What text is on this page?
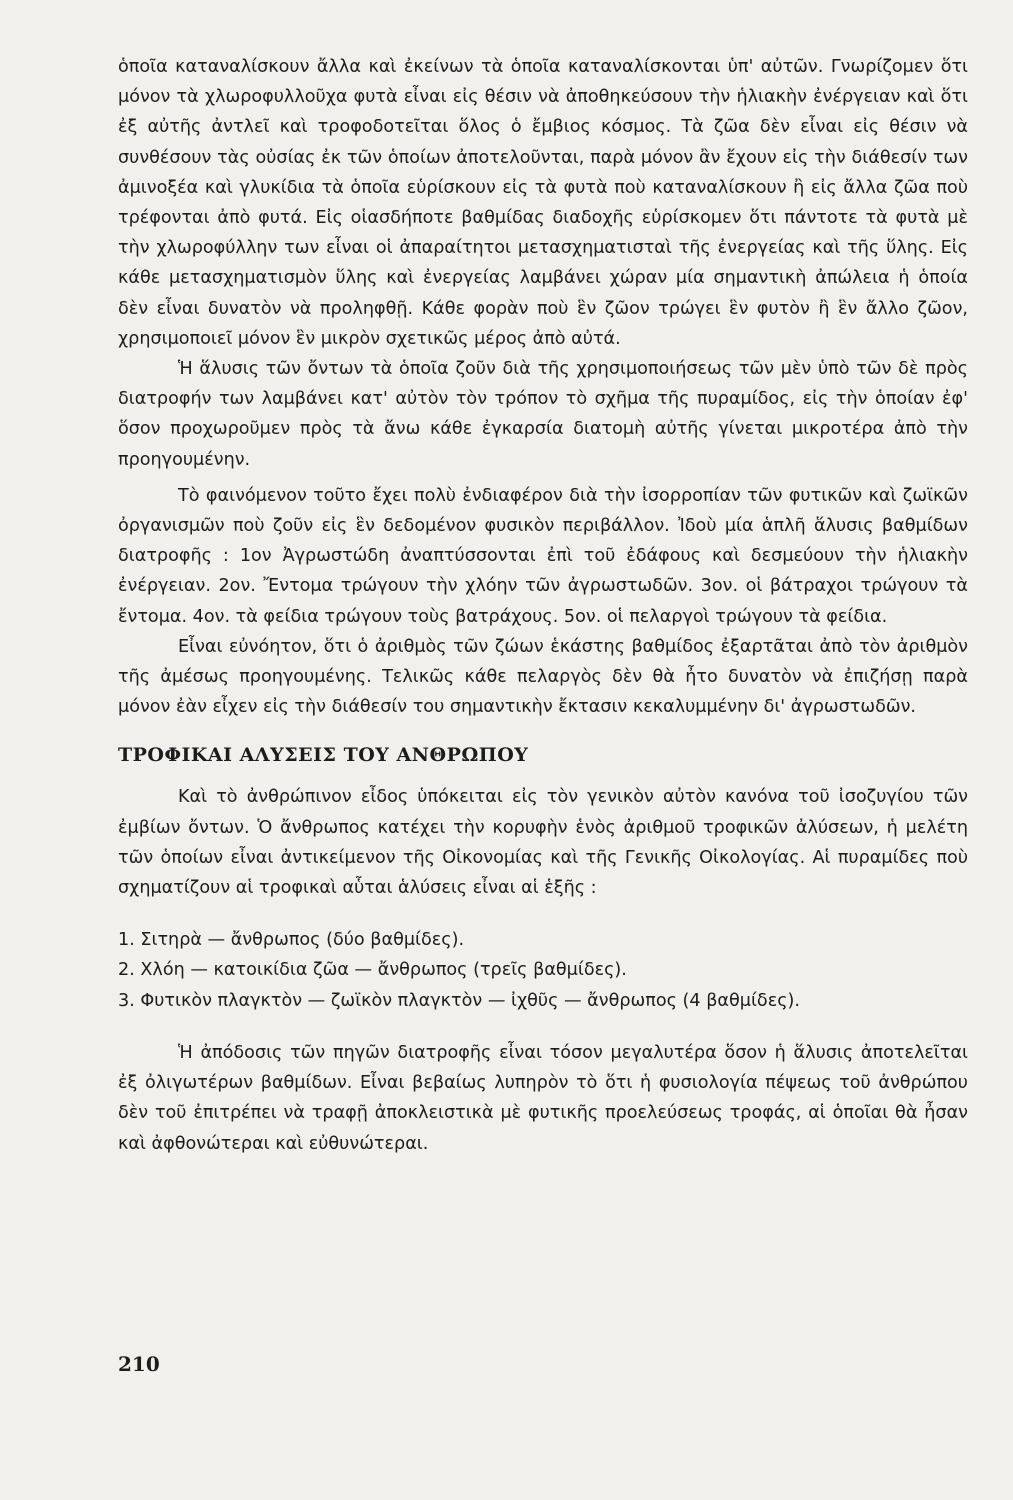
ὁποῖα καταναλίσκουν ἄλλα καὶ ἐκείνων τὰ ὁποῖα καταναλίσκονται ὑπ' αὐτῶν. Γνωρίζομεν ὅτι μόνον τὰ χλωροφυλλοῦχα φυτὰ εἶναι εἰς θέσιν νὰ ἀποθηκεύσουν τὴν ἡλιακὴν ἐνέργειαν καὶ ὅτι ἐξ αὐτῆς ἀντλεῖ καὶ τροφοδοτεῖται ὅλος ὁ ἔμβιος κόσμος. Τὰ ζῶα δὲν εἶναι εἰς θέσιν νὰ συνθέσουν τὰς οὐσίας ἐκ τῶν ὁποίων ἀποτελοῦνται, παρὰ μόνον ἂν ἔχουν εἰς τὴν διάθεσίν των ἀμινοξέα καὶ γλυκίδια τὰ ὁποῖα εὑρίσκουν εἰς τὰ φυτὰ ποὺ καταναλίσκουν ἢ εἰς ἄλλα ζῶα ποὺ τρέφονται ἀπὸ φυτά. Εἰς οἱασδήποτε βαθμίδας διαδοχῆς εὑρίσκομεν ὅτι πάντοτε τὰ φυτὰ μὲ τὴν χλωροφύλλην των εἶναι οἱ ἀπαραίτητοι μετασχηματισταὶ τῆς ἐνεργείας καὶ τῆς ὕλης. Εἰς κάθε μετασχηματισμὸν ὕλης καὶ ἐνεργείας λαμβάνει χώραν μία σημαντικὴ ἀπώλεια ἡ ὁποία δὲν εἶναι δυνατὸν νὰ προληφθῇ. Κάθε φορὰν ποὺ ἓν ζῶον τρώγει ἓν φυτὸν ἢ ἓν ἄλλο ζῶον, χρησιμοποιεῖ μόνον ἓν μικρὸν σχετικῶς μέρος ἀπὸ αὐτά.

Ἡ ἅλυσις τῶν ὄντων τὰ ὁποῖα ζοῦν διὰ τῆς χρησιμοποιήσεως τῶν μὲν ὑπὸ τῶν δὲ πρὸς διατροφήν των λαμβάνει κατ' αὐτὸν τὸν τρόπον τὸ σχῆμα τῆς πυραμίδος, εἰς τὴν ὁποίαν ἐφ' ὅσον προχωροῦμεν πρὸς τὰ ἄνω κάθε ἐγκαρσία διατομὴ αὐτῆς γίνεται μικροτέρα ἀπὸ τὴν προηγουμένην.

Τὸ φαινόμενον τοῦτο ἔχει πολὺ ἐνδιαφέρον διὰ τὴν ἰσορροπίαν τῶν φυτικῶν καὶ ζωϊκῶν ὀργανισμῶν ποὺ ζοῦν εἰς ἓν δεδομένον φυσικὸν περιβάλλον. Ἰδοὺ μία ἁπλῆ ἅλυσις βαθμίδων διατροφῆς : 1ον Ἀγρωστώδη ἀναπτύσσονται ἐπὶ τοῦ ἐδάφους καὶ δεσμεύουν τὴν ἡλιακὴν ἐνέργειαν. 2ον. Ἔντομα τρώγουν τὴν χλόην τῶν ἀγρωστωδῶν. 3ον. οἱ βάτραχοι τρώγουν τὰ ἔντομα. 4ον. τὰ φείδια τρώγουν τοὺς βατράχους. 5ον. οἱ πελαργοὶ τρώγουν τὰ φείδια.

Εἶναι εὐνόητον, ὅτι ὁ ἀριθμὸς τῶν ζώων ἑκάστης βαθμίδος ἐξαρτᾶται ἀπὸ τὸν ἀριθμὸν τῆς ἀμέσως προηγουμένης. Τελικῶς κάθε πελαργὸς δὲν θὰ ἦτο δυνατὸν νὰ ἐπιζήσῃ παρὰ μόνον ἐὰν εἶχεν εἰς τὴν διάθεσίν του σημαντικὴν ἔκτασιν κεκαλυμμένην δι' ἀγρωστωδῶν.

ΤΡΟΦΙΚΑΙ ΑΛΥΣΕΙΣ ΤΟΥ ΑΝΘΡΩΠΟΥ

Καὶ τὸ ἀνθρώπινον εἶδος ὑπόκειται εἰς τὸν γενικὸν αὐτὸν κανόνα τοῦ ἰσοζυγίου τῶν ἐμβίων ὄντων. Ὁ ἄνθρωπος κατέχει τὴν κορυφὴν ἑνὸς ἀριθμοῦ τροφικῶν ἀλύσεων, ἡ μελέτη τῶν ὁποίων εἶναι ἀντικείμενον τῆς Οἰκονομίας καὶ τῆς Γενικῆς Οἰκολογίας. Αἱ πυραμίδες ποὺ σχηματίζουν αἱ τροφικαὶ αὗται ἁλύσεις εἶναι αἱ ἑξῆς :

1. Σιτηρὰ — ἄνθρωπος (δύο βαθμίδες).
2. Χλόη — κατοικίδια ζῶα — ἄνθρωπος (τρεῖς βαθμίδες).
3. Φυτικὸν πλαγκτὸν — ζωϊκὸν πλαγκτὸν — ἰχθῦς — ἄνθρωπος (4 βαθμίδες).

Ἡ ἀπόδοσις τῶν πηγῶν διατροφῆς εἶναι τόσον μεγαλυτέρα ὅσον ἡ ἅλυσις ἀποτελεῖται ἐξ ὀλιγωτέρων βαθμίδων. Εἶναι βεβαίως λυπηρὸν τὸ ὅτι ἡ φυσιολογία πέψεως τοῦ ἀνθρώπου δὲν τοῦ ἐπιτρέπει νὰ τραφῇ ἀποκλειστικὰ μὲ φυτικῆς προελεύσεως τροφάς, αἱ ὁποῖαι θὰ ἦσαν καὶ ἀφθονώτεραι καὶ εὐθυνώτεραι.

210
